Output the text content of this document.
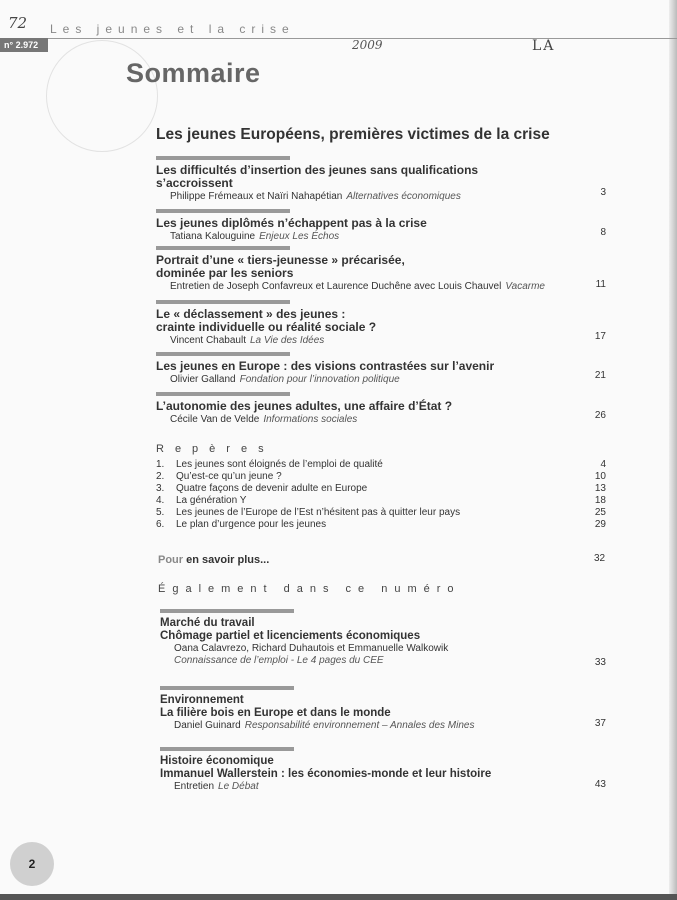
72 Les jeunes et la crise
n° 2.972	2009	LA
Sommaire
Les jeunes Européens, premières victimes de la crise
Les difficultés d’insertion des jeunes sans qualifications
s’accroissent
Philippe Frémeaux et Naïri Nahapétian Alternatives économiques	3
Les jeunes diplômés n’échappent pas à la crise
Tatiana Kalouguine Enjeux Les Échos	8
Portrait d’une « tiers-jeunesse » précarisée,
dominée par les seniors
Entretien de Joseph Confavreux et Laurence Duchêne avec Louis Chauvel Vacarme	11
Le « déclassement » des jeunes :
crainte individuelle ou réalité sociale ?
Vincent Chabault La Vie des Idées	17
Les jeunes en Europe : des visions contrastées sur l’avenir
Olivier Galland Fondation pour l’innovation politique	21
L’autonomie des jeunes adultes, une affaire d’État ?
Cécile Van de Velde Informations sociales	26
Repères
1. Les jeunes sont éloignés de l’emploi de qualité	4
2. Qu’est-ce qu’un jeune ?	10
3. Quatre façons de devenir adulte en Europe	13
4. La génération Y	18
5. Les jeunes de l’Europe de l’Est n’hésitent pas à quitter leur pays	25
6. Le plan d’urgence pour les jeunes	29
Pour en savoir plus...	32
Également dans ce numéro
Marché du travail
Chômage partiel et licenciements économiques
Oana Calavrezo, Richard Duhautois et Emmanuelle Walkowik
Connaissance de l’emploi - Le 4 pages du CEE	33
Environnement
La filière bois en Europe et dans le monde
Daniel Guinard Responsabilité environnement – Annales des Mines	37
Histoire économique
Immanuel Wallerstein : les économies-monde et leur histoire
Entretien Le Débat	43
2
